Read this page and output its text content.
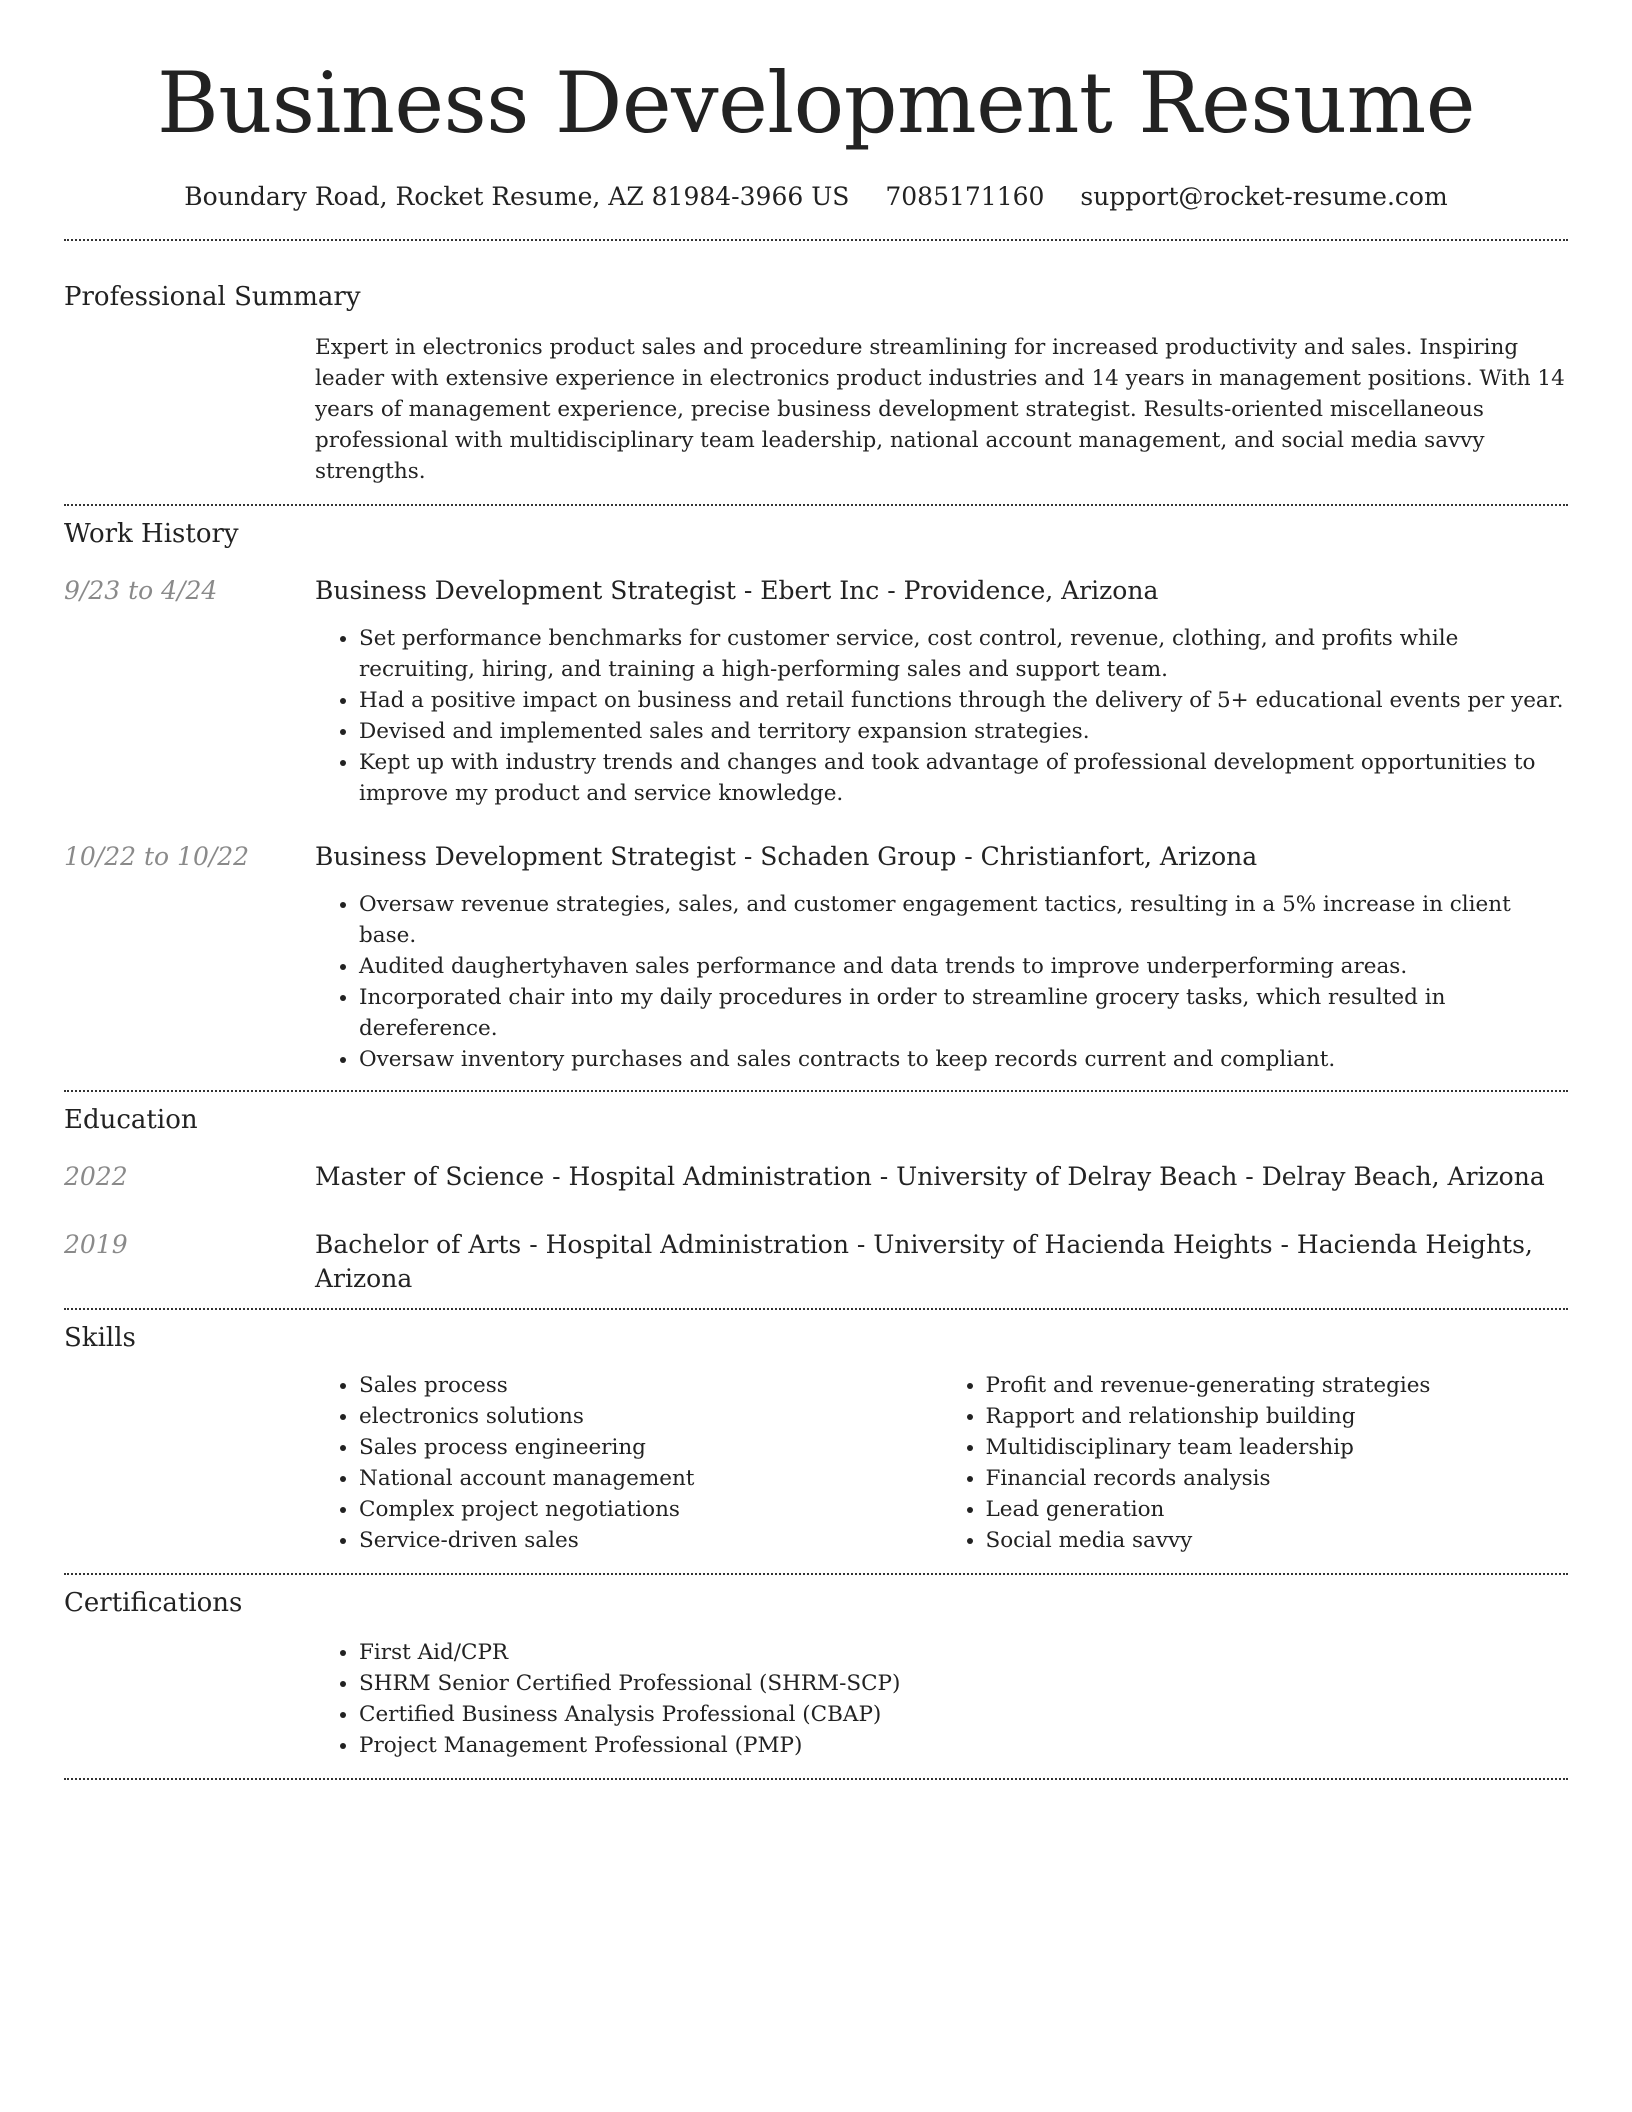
Business Development Resume
Boundary Road, Rocket Resume, AZ 81984-3966 US 7085171160 support@rocket-resume.com
Professional Summary
Expert in electronics product sales and procedure streamlining for increased productivity and sales. Inspiring leader with extensive experience in electronics product industries and 14 years in management positions. With 14 years of management experience, precise business development strategist. Results-oriented miscellaneous professional with multidisciplinary team leadership, national account management, and social media savvy strengths.
Work History
9/23 to 4/24	Business Development Strategist - Ebert Inc - Providence, Arizona
• Set performance benchmarks for customer service, cost control, revenue, clothing, and profits while recruiting, hiring, and training a high-performing sales and support team.
• Had a positive impact on business and retail functions through the delivery of 5+ educational events per year.
• Devised and implemented sales and territory expansion strategies.
• Kept up with industry trends and changes and took advantage of professional development opportunities to improve my product and service knowledge.
10/22 to 10/22	Business Development Strategist - Schaden Group - Christianfort, Arizona
• Oversaw revenue strategies, sales, and customer engagement tactics, resulting in a 5% increase in client base.
• Audited daughertyhaven sales performance and data trends to improve underperforming areas.
• Incorporated chair into my daily procedures in order to streamline grocery tasks, which resulted in dereference.
• Oversaw inventory purchases and sales contracts to keep records current and compliant.
Education
2022	Master of Science - Hospital Administration - University of Delray Beach - Delray Beach, Arizona
2019	Bachelor of Arts - Hospital Administration - University of Hacienda Heights - Hacienda Heights, Arizona
Skills
• Sales process
• electronics solutions
• Sales process engineering
• National account management
• Complex project negotiations
• Service-driven sales
• Profit and revenue-generating strategies
• Rapport and relationship building
• Multidisciplinary team leadership
• Financial records analysis
• Lead generation
• Social media savvy
Certifications
• First Aid/CPR
• SHRM Senior Certified Professional (SHRM-SCP)
• Certified Business Analysis Professional (CBAP)
• Project Management Professional (PMP)
